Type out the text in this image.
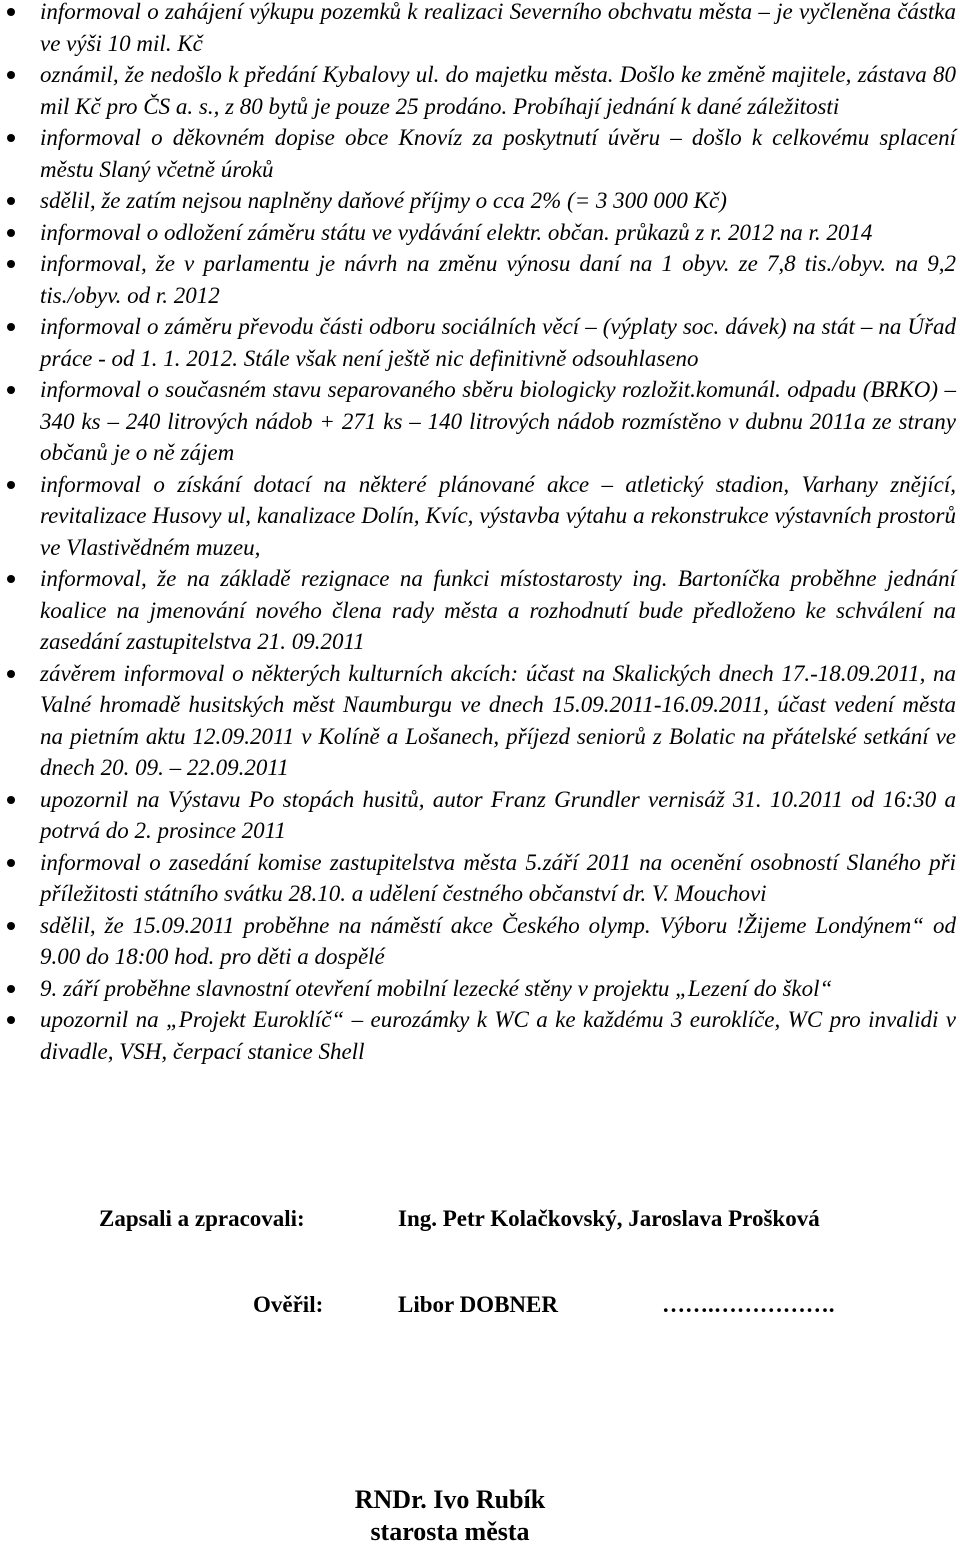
informoval o zahájení výkupu pozemků k realizaci Severního obchvatu města – je vyčleněna částka ve výši 10 mil. Kč
oznámil, že nedošlo k předání Kybalovy ul. do majetku města. Došlo ke změně majitele, zástava 80 mil Kč pro ČS a. s., z 80 bytů je pouze 25 prodáno. Probíhají jednání k dané záležitosti
informoval o děkovném dopise obce Knovíz za poskytnutí úvěru – došlo k celkovému splacení městu Slaný včetně úroků
sdělil, že zatím nejsou naplněny daňové příjmy o cca 2% (= 3 300 000 Kč)
informoval o odložení záměru státu ve vydávání elektr. občan. průkazů z r. 2012 na r. 2014
informoval, že v parlamentu je návrh na změnu výnosu daní na 1 obyv. ze 7,8 tis./obyv. na 9,2 tis./obyv. od r. 2012
informoval o záměru převodu části odboru sociálních věcí – (výplaty soc. dávek) na stát – na Úřad práce - od 1. 1. 2012. Stále však není ještě nic definitivně odsouhlaseno
informoval o současném stavu separovaného sběru biologicky rozložit.komunál. odpadu (BRKO) – 340 ks – 240 litrových nádob + 271 ks – 140 litrových nádob rozmístěno v dubnu 2011a ze strany občanů je o ně zájem
informoval o získání dotací na některé plánované akce – atletický stadion, Varhany znějící, revitalizace Husovy ul, kanalizace Dolín, Kvíc, výstavba výtahu a rekonstrukce výstavních prostorů ve Vlastivědném muzeu,
informoval, že na základě rezignace na funkci místostarosty ing. Bartoníčka proběhne jednání koalice na jmenování nového člena rady města a rozhodnutí bude předloženo ke schválení na zasedání zastupitelstva 21. 09.2011
závěrem informoval o některých kulturních akcích: účast na Skalických dnech 17.-18.09.2011, na Valné hromadě husitských měst Naumburgu ve dnech 15.09.2011-16.09.2011, účast vedení města na pietním aktu 12.09.2011 v Kolíně a Lošanech, příjezd seniorů z Bolatic na přátelské setkání ve dnech 20. 09. – 22.09.2011
upozornil na Výstavu Po stopách husitů, autor Franz Grundler vernisáž 31. 10.2011 od 16:30 a potrvá do 2. prosince 2011
informoval o zasedání komise zastupitelstva města 5.září 2011 na ocenění osobností Slaného při příležitosti státního svátku 28.10. a udělení čestného občanství dr. V. Mouchovi
sdělil, že 15.09.2011 proběhne na náměstí akce Českého olymp. Výboru !Žijeme Londýnem“ od 9.00 do 18:00 hod. pro děti a dospělé
9. září proběhne slavnostní otevření mobilní lezecké stěny v projektu „Lezení do škol“
upozornil na „Projekt Euroklíč“ – eurozámky k WC a ke každému 3 euroklíče, WC pro invalidi v divadle, VSH, čerpací stanice Shell
Zapsali a zpracovali:	Ing. Petr Kolačkovský, Jaroslava Prošková
Ověřil:	Libor DOBNER	…….…………….
RNDr. Ivo Rubík
starosta města
